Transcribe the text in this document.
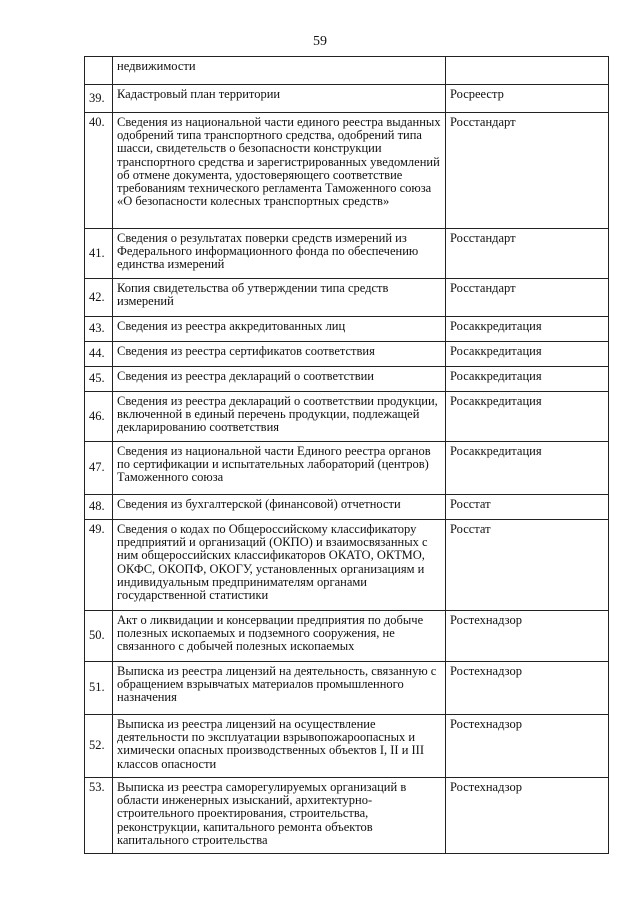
59
	недвижимости	
39.	Кадастровый план территории	Росреестр
40.	Сведения из национальной части единого реестра выданных одобрений типа транспортного средства, одобрений типа шасси, свидетельств о безопасности конструкции транспортного средства и зарегистрированных уведомлений об отмене документа, удостоверяющего соответствие требованиям технического регламента Таможенного союза «О безопасности колесных транспортных средств»	Росстандарт
41.	Сведения о результатах поверки средств измерений из Федерального информационного фонда по обеспечению единства измерений	Росстандарт
42.	Копия свидетельства об утверждении типа средств измерений	Росстандарт
43.	Сведения из реестра аккредитованных лиц	Росаккредитация
44.	Сведения из реестра сертификатов соответствия	Росаккредитация
45.	Сведения из реестра деклараций о соответствии	Росаккредитация
46.	Сведения из реестра деклараций о соответствии продукции, включенной в единый перечень продукции, подлежащей декларированию соответствия	Росаккредитация
47.	Сведения из национальной части Единого реестра органов по сертификации и испытательных лабораторий (центров) Таможенного союза	Росаккредитация
48.	Сведения из бухгалтерской (финансовой) отчетности	Росстат
49.	Сведения о кодах по Общероссийскому классификатору предприятий и организаций (ОКПО) и взаимосвязанных с ним общероссийских классификаторов ОКАТО, ОКТМО, ОКФС, ОКОПФ, ОКОГУ, установленных организациям и индивидуальным предпринимателям органами государственной статистики	Росстат
50.	Акт о ликвидации и консервации предприятия по добыче полезных ископаемых и подземного сооружения, не связанного с добычей полезных ископаемых	Ростехнадзор
51.	Выписка из реестра лицензий на деятельность, связанную с обращением взрывчатых материалов промышленного назначения	Ростехнадзор
52.	Выписка из реестра лицензий на осуществление деятельности по эксплуатации взрывопожароопасных и химически опасных производственных объектов I, II и III классов опасности	Ростехнадзор
53.	Выписка из реестра саморегулируемых организаций в области инженерных изысканий, архитектурно-строительного проектирования, строительства, реконструкции, капитального ремонта объектов капитального строительства	Ростехнадзор
